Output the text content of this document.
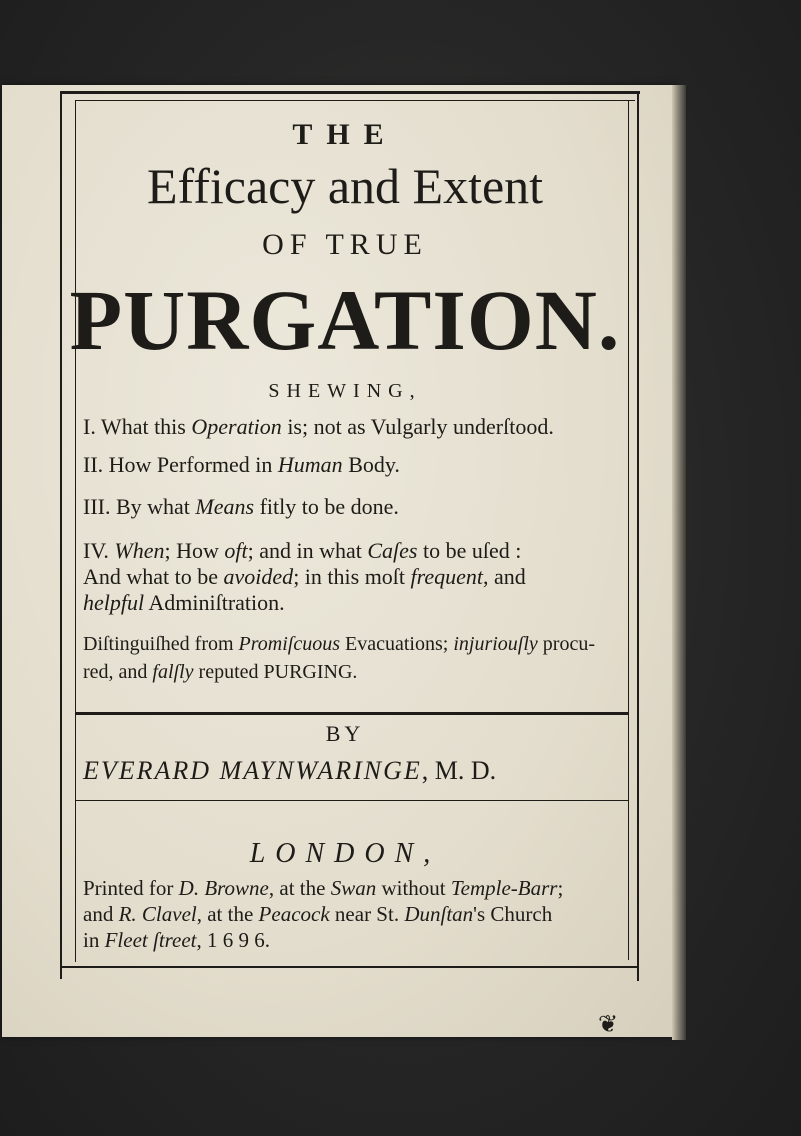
THE
Efficacy and Extent
OF TRUE
PURGATION.
SHEWING,
I. What this Operation is; not as Vulgarly underſtood.
II. How Performed in Human Body.
III. By what Means fitly to be done.
IV. When; How oft; and in what Caſes to be uſed :
And what to be avoided; in this moſt frequent, and
helpful Adminiſtration.
Diſtinguiſhed from Promiſcuous Evacuations; injuriouſly procu-
red, and falſly reputed PURGING.
BY
EVERARD MAYNWARINGE, M. D.
LONDON,
Printed for D. Browne, at the Swan without Temple-Barr;
and R. Clavel, at the Peacock near St. Dunſtan's Church
in Fleet ſtreet, 1 6 9 6.
❦
